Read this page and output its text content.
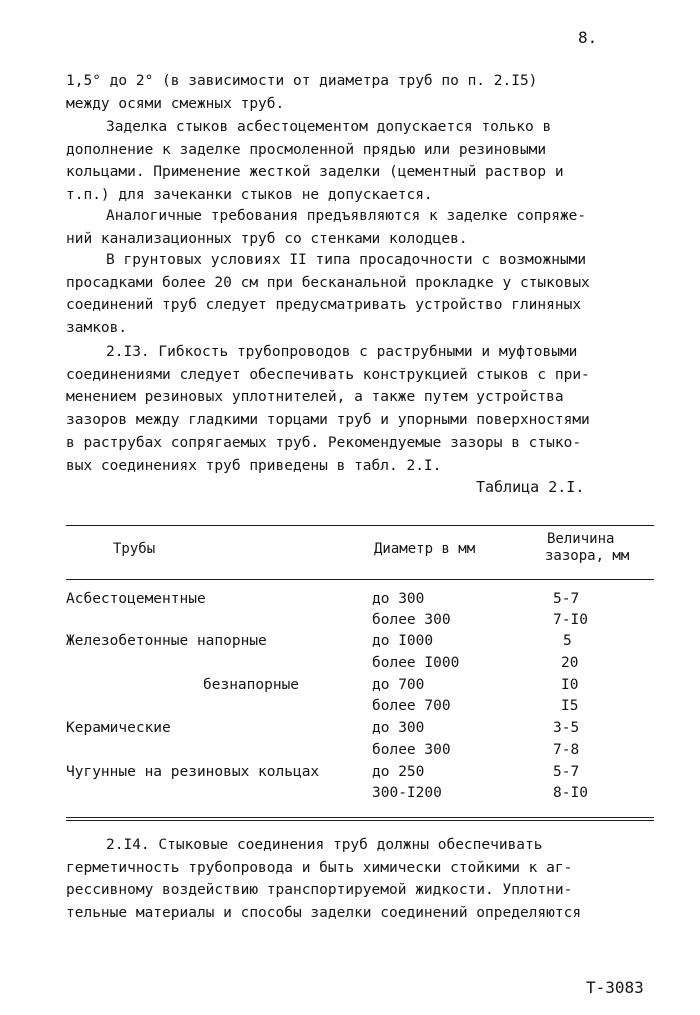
8.
1,5° до 2° (в зависимости от диаметра труб по п. 2.I5)
между осями смежных труб.
Заделка стыков асбестоцементом допускается только в
дополнение к заделке просмоленной прядью или резиновыми
кольцами. Применение жесткой заделки (цементный раствор и
т.п.) для зачеканки стыков не допускается.
Аналогичные требования предъявляются к заделке сопряже-
ний канализационных труб со стенками колодцев.
В грунтовых условиях II типа просадочности с возможными
просадками более 20 см при бесканальной прокладке у стыковых
соединений труб следует предусматривать устройство глиняных
замков.
2.I3. Гибкость трубопроводов с раструбными и муфтовыми
соединениями следует обеспечивать конструкцией стыков с при-
менением резиновых уплотнителей, а также путем устройства
зазоров между гладкими торцами труб и упорными поверхностями
в раструбах сопрягаемых труб. Рекомендуемые зазоры в стыко-
вых соединениях труб приведены в табл. 2.I.
Таблица 2.I.
Трубы	Диаметр в мм
Величина
зазора, мм
Асбестоцементные	до 300	5-7
более 300	7-I0
Железобетонные напорные	до I000	5
более I000	20
безнапорные	до 700	I0
более 700	I5
Керамические	до 300	3-5
более 300	7-8
Чугунные на резиновых кольцах	до 250	5-7
300-I200	8-I0
2.I4. Стыковые соединения труб должны обеспечивать
герметичность трубопровода и быть химически стойкими к аг-
рессивному воздействию транспортируемой жидкости. Уплотни-
тельные материалы и способы заделки соединений определяются
Т-3083
